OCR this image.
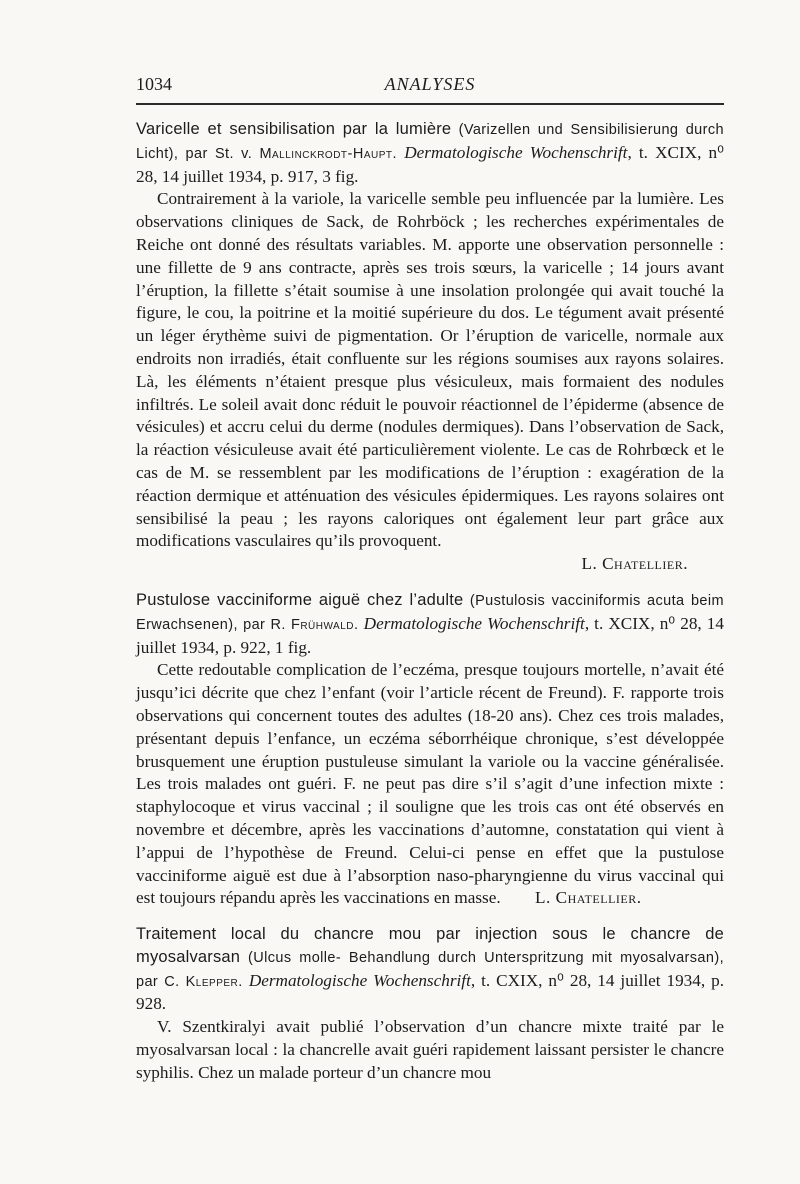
1034	ANALYSES
Varicelle et sensibilisation par la lumière (Varizellen und Sensibilisierung durch Licht), par St. v. Mallinckrodt-Haupt. Dermatologische Wochenschrift, t. XCIX, n⁰ 28, 14 juillet 1934, p. 917, 3 fig.

Contrairement à la variole, la varicelle semble peu influencée par la lumière. Les observations cliniques de Sack, de Rohrböck ; les recherches expérimentales de Reiche ont donné des résultats variables. M. apporte une observation personnelle : une fillette de 9 ans contracte, après ses trois sœurs, la varicelle ; 14 jours avant l’éruption, la fillette s’était soumise à une insolation prolongée qui avait touché la figure, le cou, la poitrine et la moitié supérieure du dos. Le tégument avait présenté un léger érythème suivi de pigmentation. Or l’éruption de varicelle, normale aux endroits non irradiés, était confluente sur les régions soumises aux rayons solaires. Là, les éléments n’étaient presque plus vésiculeux, mais formaient des nodules infiltrés. Le soleil avait donc réduit le pouvoir réactionnel de l’épiderme (absence de vésicules) et accru celui du derme (nodules dermiques). Dans l’observation de Sack, la réaction vésiculeuse avait été particulièrement violente. Le cas de Rohrbœck et le cas de M. se ressemblent par les modifications de l’éruption : exagération de la réaction dermique et atténuation des vésicules épidermiques. Les rayons solaires ont sensibilisé la peau ; les rayons caloriques ont également leur part grâce aux modifications vasculaires qu’ils provoquent.

L. Chatellier.
Pustulose vacciniforme aiguë chez l’adulte (Pustulosis vacciniformis acuta beim Erwachsenen), par R. Frühwald. Dermatologische Wochenschrift, t. XCIX, n⁰ 28, 14 juillet 1934, p. 922, 1 fig.

Cette redoutable complication de l’eczéma, presque toujours mortelle, n’avait été jusqu’ici décrite que chez l’enfant (voir l’article récent de Freund). F. rapporte trois observations qui concernent toutes des adultes (18-20 ans). Chez ces trois malades, présentant depuis l’enfance, un eczéma séborrhéique chronique, s’est développée brusquement une éruption pustuleuse simulant la variole ou la vaccine généralisée. Les trois malades ont guéri. F. ne peut pas dire s’il s’agit d’une infection mixte : staphylocoque et virus vaccinal ; il souligne que les trois cas ont été observés en novembre et décembre, après les vaccinations d’automne, constatation qui vient à l’appui de l’hypothèse de Freund. Celui-ci pense en effet que la pustulose vacciniforme aiguë est due à l’absorption naso-pharyngienne du virus vaccinal qui est toujours répandu après les vaccinations en masse. L. Chatellier.

Traitement local du chancre mou par injection sous le chancre de myosalvarsan (Ulcus molle- Behandlung durch Unterspritzung mit myosalvarsan), par C. Klepper. Dermatologische Wochenschrift, t. CXIX, n⁰ 28, 14 juillet 1934, p. 928.

V. Szentkiralyi avait publié l’observation d’un chancre mixte traité par le myosalvarsan local : la chancrelle avait guéri rapidement laissant persister le chancre syphilis. Chez un malade porteur d’un chancre mou
